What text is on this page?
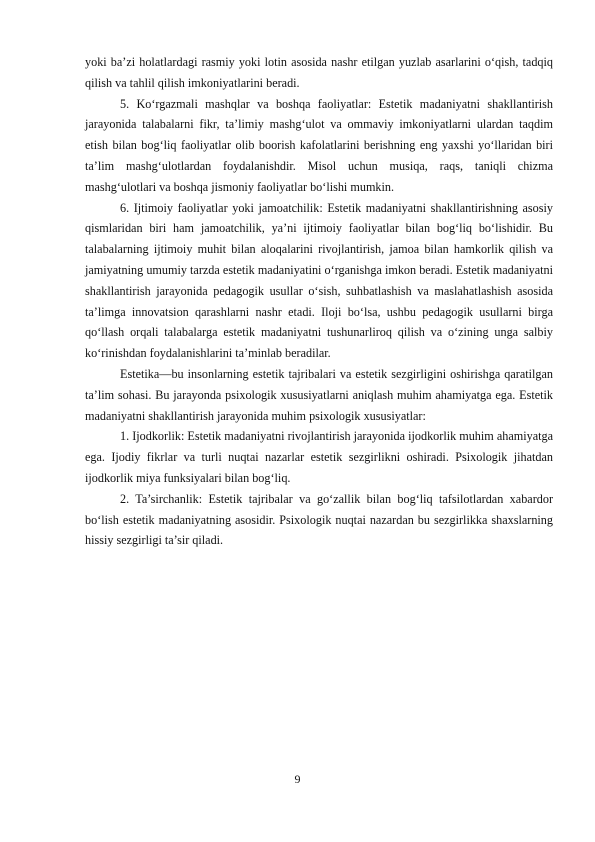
yoki ba’zi holatlardagi rasmiy yoki lotin asosida nashr etilgan yuzlab asarlarini o‘qish, tadqiq qilish va tahlil qilish imkoniyatlarini beradi.

5. Ko‘rgazmali mashqlar va boshqa faoliyatlar: Estetik madaniyatni shakllantirish jarayonida talabalarni fikr, ta’limiy mashg‘ulot va ommaviy imkoniyatlarni ulardan taqdim etish bilan bog‘liq faoliyatlar olib boorish kafolatlarini berishning eng yaxshi yo‘llaridan biri ta’lim mashg‘ulotlardan foydalanishdir. Misol uchun musiqa, raqs, taniqli chizma mashg‘ulotlari va boshqa jismoniy faoliyatlar bo‘lishi mumkin.

6. Ijtimoiy faoliyatlar yoki jamoatchilik: Estetik madaniyatni shakllantirishning asosiy qismlaridan biri ham jamoatchilik, ya’ni ijtimoiy faoliyatlar bilan bog‘liq bo‘lishidir. Bu talabalarning ijtimoiy muhit bilan aloqalarini rivojlantirish, jamoa bilan hamkorlik qilish va jamiyatning umumiy tarzda estetik madaniyatini o‘rganishga imkon beradi. Estetik madaniyatni shakllantirish jarayonida pedagogik usullar o‘sish, suhbatlashish va maslahatlashish asosida ta’limga innovatsion qarashlarni nashr etadi. Iloji bo‘lsa, ushbu pedagogik usullarni birga qo‘llash orqali talabalarga estetik madaniyatni tushunarliroq qilish va o‘zining unga salbiy ko‘rinishdan foydalanishlarini ta’minlab beradilar.

Estetika—bu insonlarning estetik tajribalari va estetik sezgirligini oshirishga qaratilgan ta’lim sohasi. Bu jarayonda psixologik xususiyatlarni aniqlash muhim ahamiyatga ega. Estetik madaniyatni shakllantirish jarayonida muhim psixologik xususiyatlar:

1. Ijodkorlik: Estetik madaniyatni rivojlantirish jarayonida ijodkorlik muhim ahamiyatga ega. Ijodiy fikrlar va turli nuqtai nazarlar estetik sezgirlikni oshiradi. Psixologik jihatdan ijodkorlik miya funksiyalari bilan bog‘liq.

2. Ta’sirchanlik: Estetik tajribalar va go‘zallik bilan bog‘liq tafsilotlardan xabardor bo‘lish estetik madaniyatning asosidir. Psixologik nuqtai nazardan bu sezgirlikka shaxslarning hissiy sezgirligi ta’sir qiladi.

9
